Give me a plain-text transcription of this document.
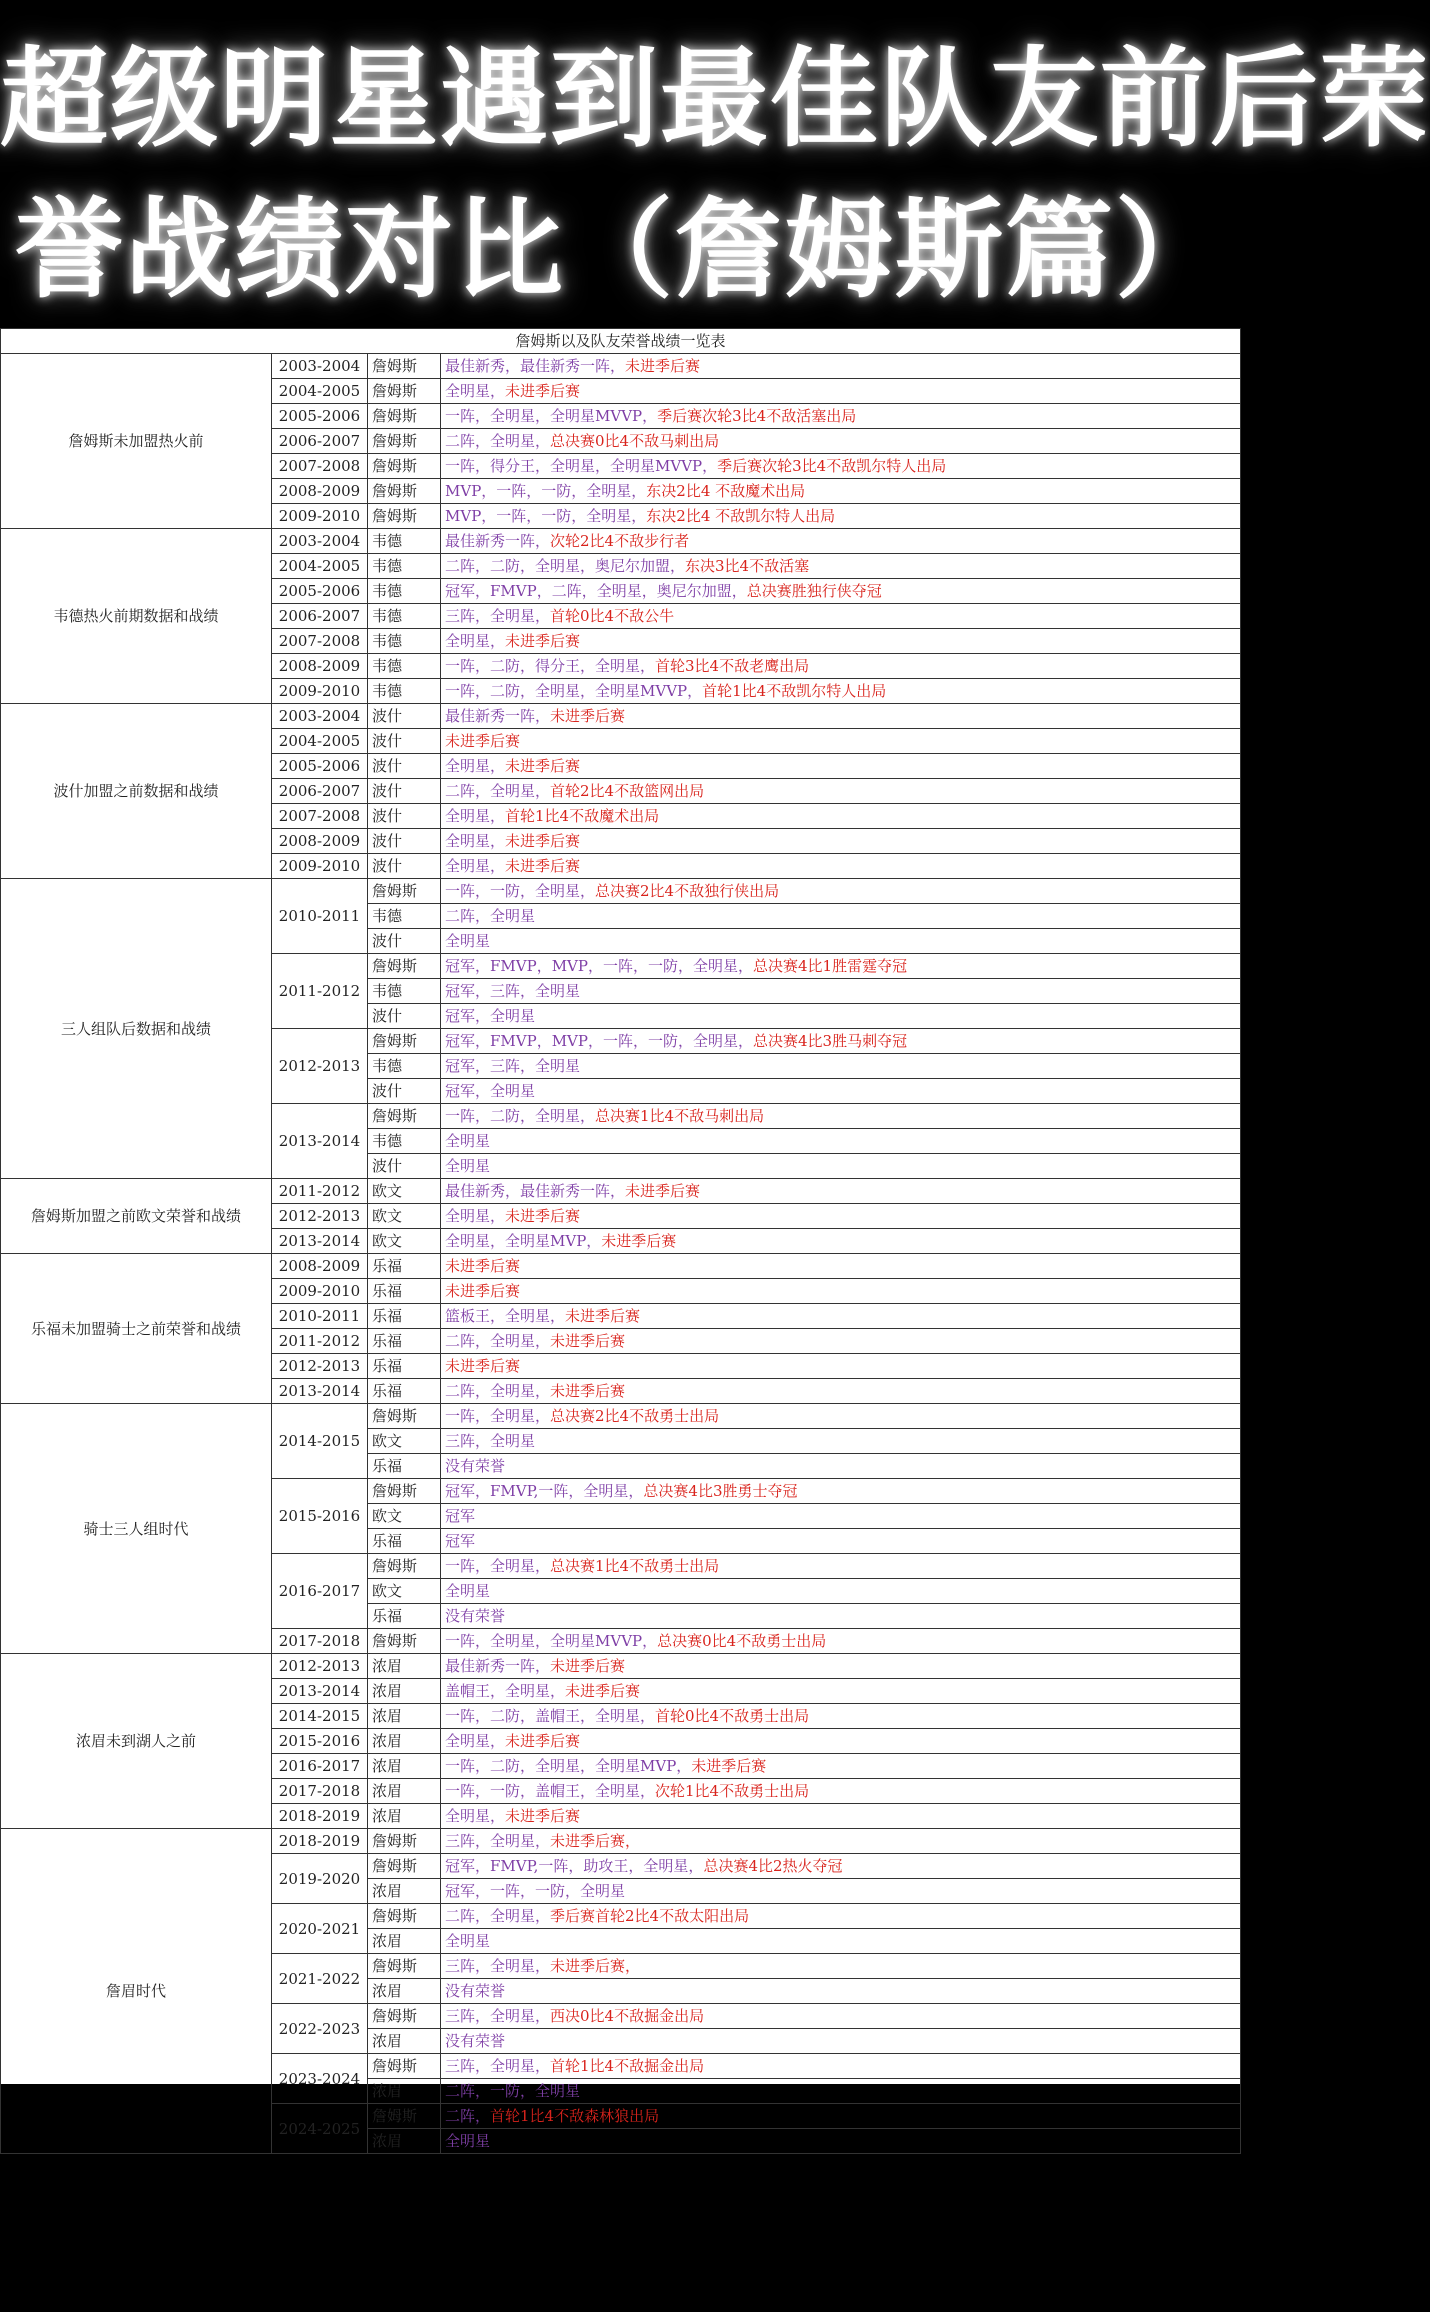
超级明星遇到最佳队友前后荣
誉战绩对比（詹姆斯篇）
詹姆斯以及队友荣誉战绩一览表			
詹姆斯未加盟热火前	2003-2004	詹姆斯	最佳新秀，最佳新秀一阵，未进季后赛
	2004-2005	詹姆斯	全明星，未进季后赛
	2005-2006	詹姆斯	一阵，全明星，全明星MVVP，季后赛次轮3比4不敌活塞出局
	2006-2007	詹姆斯	二阵，全明星，总决赛0比4不敌马刺出局
	2007-2008	詹姆斯	一阵，得分王，全明星，全明星MVVP，季后赛次轮3比4不敌凯尔特人出局
	2008-2009	詹姆斯	MVP，一阵，一防，全明星，东决2比4 不敌魔术出局
	2009-2010	詹姆斯	MVP，一阵，一防，全明星，东决2比4 不敌凯尔特人出局
韦德热火前期数据和战绩	2003-2004	韦德	最佳新秀一阵，次轮2比4不敌步行者
	2004-2005	韦德	二阵，二防，全明星，奥尼尔加盟，东决3比4不敌活塞
	2005-2006	韦德	冠军，FMVP，二阵，全明星，奥尼尔加盟，总决赛胜独行侠夺冠
	2006-2007	韦德	三阵，全明星，首轮0比4不敌公牛
	2007-2008	韦德	全明星，未进季后赛
	2008-2009	韦德	一阵，二防，得分王，全明星，首轮3比4不敌老鹰出局
	2009-2010	韦德	一阵，二防，全明星，全明星MVVP，首轮1比4不敌凯尔特人出局
波什加盟之前数据和战绩	2003-2004	波什	最佳新秀一阵，未进季后赛
	2004-2005	波什	未进季后赛
	2005-2006	波什	全明星，未进季后赛
	2006-2007	波什	二阵，全明星，首轮2比4不敌篮网出局
	2007-2008	波什	全明星，首轮1比4不敌魔术出局
	2008-2009	波什	全明星，未进季后赛
	2009-2010	波什	全明星，未进季后赛
三人组队后数据和战绩	2010-2011	詹姆斯	一阵，一防，全明星，总决赛2比4不敌独行侠出局
		韦德	二阵，全明星
		波什	全明星
	2011-2012	詹姆斯	冠军，FMVP，MVP，一阵，一防，全明星，总决赛4比1胜雷霆夺冠
		韦德	冠军，三阵，全明星
		波什	冠军，全明星
	2012-2013	詹姆斯	冠军，FMVP，MVP，一阵，一防，全明星，总决赛4比3胜马刺夺冠
		韦德	冠军，三阵，全明星
		波什	冠军，全明星
	2013-2014	詹姆斯	一阵，二防，全明星，总决赛1比4不敌马刺出局
		韦德	全明星
		波什	全明星
詹姆斯加盟之前欧文荣誉和战绩	2011-2012	欧文	最佳新秀，最佳新秀一阵，未进季后赛
	2012-2013	欧文	全明星，未进季后赛
	2013-2014	欧文	全明星，全明星MVP，未进季后赛
乐福未加盟骑士之前荣誉和战绩	2008-2009	乐福	未进季后赛
	2009-2010	乐福	未进季后赛
	2010-2011	乐福	篮板王，全明星，未进季后赛
	2011-2012	乐福	二阵，全明星，未进季后赛
	2012-2013	乐福	未进季后赛
	2013-2014	乐福	二阵，全明星，未进季后赛
骑士三人组时代	2014-2015	詹姆斯	一阵，全明星，总决赛2比4不敌勇士出局
		欧文	三阵，全明星
		乐福	没有荣誉
	2015-2016	詹姆斯	冠军，FMVP,一阵，全明星，总决赛4比3胜勇士夺冠
		欧文	冠军
		乐福	冠军
	2016-2017	詹姆斯	一阵，全明星，总决赛1比4不敌勇士出局
		欧文	全明星
		乐福	没有荣誉
	2017-2018	詹姆斯	一阵，全明星，全明星MVVP，总决赛0比4不敌勇士出局
浓眉未到湖人之前	2012-2013	浓眉	最佳新秀一阵，未进季后赛
	2013-2014	浓眉	盖帽王，全明星，未进季后赛
	2014-2015	浓眉	一阵，二防，盖帽王，全明星，首轮0比4不敌勇士出局
	2015-2016	浓眉	全明星，未进季后赛
	2016-2017	浓眉	一阵，二防，全明星，全明星MVP，未进季后赛
	2017-2018	浓眉	一阵，一防，盖帽王，全明星，次轮1比4不敌勇士出局
	2018-2019	浓眉	全明星，未进季后赛
詹眉时代	2018-2019	詹姆斯	三阵，全明星，未进季后赛，
	2019-2020	詹姆斯	冠军，FMVP,一阵，助攻王，全明星，总决赛4比2热火夺冠
		浓眉	冠军，一阵，一防，全明星
	2020-2021	詹姆斯	二阵，全明星，季后赛首轮2比4不敌太阳出局
		浓眉	全明星
	2021-2022	詹姆斯	三阵，全明星，未进季后赛，
		浓眉	没有荣誉
	2022-2023	詹姆斯	三阵，全明星，西决0比4不敌掘金出局
		浓眉	没有荣誉
	2023-2024	詹姆斯	三阵，全明星，首轮1比4不敌掘金出局
		浓眉	二阵，一防，全明星
	2024-2025	詹姆斯	二阵，首轮1比4不敌森林狼出局
		浓眉	全明星
